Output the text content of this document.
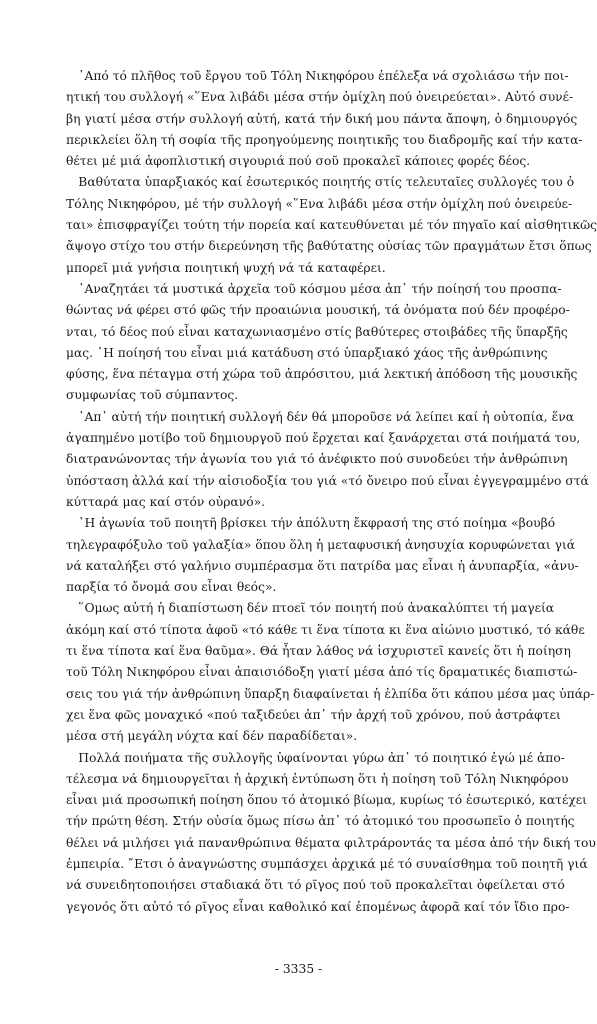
᾿Από τό πλῆθος τοῦ ἔργου τοῦ Τόλη Νικηφόρου ἐπέλεξα νά σχολιάσω τήν ποι-
ητική του συλλογή «῞Ενα λιβάδι μέσα στήν ὀμίχλη πού ὀνειρεύεται». Αὐτό συνέ-
βη γιατί μέσα στήν συλλογή αὐτή, κατά τήν δική μου πάντα ἄποψη, ὁ δημιουργός
περικλείει ὅλη τή σοφία τῆς προηγούμενης ποιητικῆς του διαδρομῆς καί τήν κατα-
θέτει μέ μιά ἀφοπλιστική σιγουριά πού σοῦ προκαλεῖ κάποιες φορές δέος.

Βαθύτατα ὑπαρξιακός καί ἐσωτερικός ποιητής στίς τελευταῖες συλλογές του ὁ
Τόλης Νικηφόρου, μέ τήν συλλογή «῞Ενα λιβάδι μέσα στήν ὀμίχλη πού ὀνειρεύε-
ται» ἐπισφραγίζει τούτη τήν πορεία καί κατευθύνεται μέ τόν πηγαῖο καί αἰσθητικῶς
ἄψογο στίχο του στήν διερεύνηση τῆς βαθύτατης οὐσίας τῶν πραγμάτων ἔτσι ὅπως
μπορεῖ μιά γνήσια ποιητική ψυχή νά τά καταφέρει.

᾿Αναζητάει τά μυστικά ἀρχεῖα τοῦ κόσμου μέσα ἀπ᾿ τήν ποίησή του προσπα-
θώντας νά φέρει στό φῶς τήν προαιώνια μουσική, τά ὀνόματα πού δέν προφέρο-
νται, τό δέος πού εἶναι καταχωνιασμένο στίς βαθύτερες στοιβάδες τῆς ὕπαρξῆς
μας. ῾Η ποίησή του εἶναι μιά κατάδυση στό ὑπαρξιακό χάος τῆς ἀνθρώπινης
φύσης, ἕνα πέταγμα στή χώρα τοῦ ἀπρόσιτου, μιά λεκτική ἀπόδοση τῆς μουσικῆς
συμφωνίας τοῦ σύμπαντος.

᾿Απ᾿ αὐτή τήν ποιητική συλλογή δέν θά μποροῦσε νά λείπει καί ἡ οὐτοπία, ἕνα
ἀγαπημένο μοτίβο τοῦ δημιουργοῦ πού ἔρχεται καί ξανάρχεται στά ποιήματά του,
διατρανώνοντας τήν ἀγωνία του γιά τό ἀνέφικτο πού συνοδεύει τήν ἀνθρώπινη
ὑπόσταση ἀλλά καί τήν αἰσιοδοξία του γιά «τό ὄνειρο πού εἶναι ἐγγεγραμμένο στά
κύτταρά μας καί στόν οὐρανό».

῾Η ἀγωνία τοῦ ποιητῆ βρίσκει τήν ἀπόλυτη ἔκφρασή της στό ποίημα «βουβό
τηλεγραφόξυλο τοῦ γαλαξία» ὅπου ὅλη ἡ μεταφυσική ἀνησυχία κορυφώνεται γιά
νά καταλήξει στό γαλήνιο συμπέρασμα ὅτι πατρίδα μας εἶναι ἡ ἀνυπαρξία, «ἀνυ-
παρξία τό ὄνομά σου εἶναι θεός».

῞Ομως αὐτή ἡ διαπίστωση δέν πτοεῖ τόν ποιητή πού ἀνακαλύπτει τή μαγεία
ἀκόμη καί στό τίποτα ἀφοῦ «τό κάθε τι ἕνα τίποτα κι ἕνα αἰώνιο μυστικό, τό κάθε
τι ἕνα τίποτα καί ἕνα θαῦμα». Θά ἦταν λάθος νά ἰσχυριστεῖ κανείς ὅτι ἡ ποίηση
τοῦ Τόλη Νικηφόρου εἶναι ἀπαισιόδοξη γιατί μέσα ἀπό τίς δραματικές διαπιστώ-
σεις του γιά τήν ἀνθρώπινη ὕπαρξη διαφαίνεται ἡ ἐλπίδα ὅτι κάπου μέσα μας ὑπάρ-
χει ἕνα φῶς μοναχικό «πού ταξιδεύει ἀπ᾿ τήν ἀρχή τοῦ χρόνου, πού ἀστράφτει
μέσα στή μεγάλη νύχτα καί δέν παραδίδεται».

Πολλά ποιήματα τῆς συλλογῆς ὑφαίνονται γύρω ἀπ᾿ τό ποιητικό ἐγώ μέ ἀπο-
τέλεσμα νά δημιουργεῖται ἡ ἀρχική ἐντύπωση ὅτι ἡ ποίηση τοῦ Τόλη Νικηφόρου
εἶναι μιά προσωπική ποίηση ὅπου τό ἀτομικό βίωμα, κυρίως τό ἐσωτερικό, κατέχει
τήν πρώτη θέση. Στήν οὐσία ὅμως πίσω ἀπ᾿ τό ἀτομικό του προσωπεῖο ὁ ποιητής
θέλει νά μιλήσει γιά πανανθρώπινα θέματα φιλτράροντάς τα μέσα ἀπό τήν δική του
ἐμπειρία. ῎Ετσι ὁ ἀναγνώστης συμπάσχει ἀρχικά μέ τό συναίσθημα τοῦ ποιητῆ γιά
νά συνειδητοποιήσει σταδιακά ὅτι τό ρῖγος πού τοῦ προκαλεῖται ὀφείλεται στό
γεγονός ὅτι αὐτό τό ρῖγος εἶναι καθολικό καί ἐπομένως ἀφορᾶ καί τόν ἴδιο προ-

- 3335 -
